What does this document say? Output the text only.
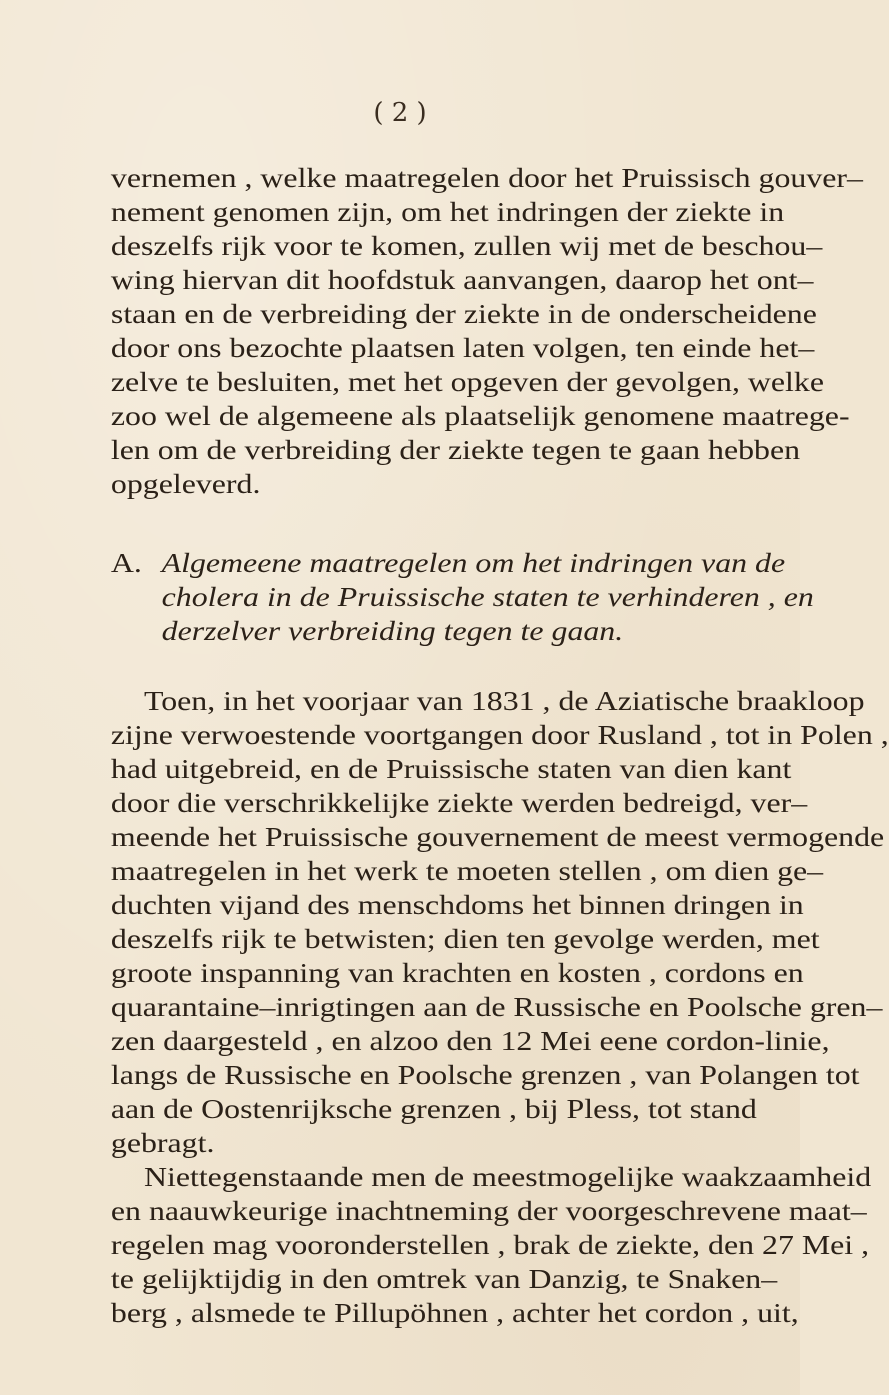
( 2 )

vernemen , welke maatregelen door het Pruissisch gouver–

nement genomen zijn, om het indringen der ziekte in

deszelfs rijk voor te komen, zullen wij met de beschou–

wing hiervan dit hoofdstuk aanvangen, daarop het ont–

staan en de verbreiding der ziekte in de onderscheidene

door ons bezochte plaatsen laten volgen, ten einde het–

zelve te besluiten, met het opgeven der gevolgen, welke

zoo wel de algemeene als plaatselijk genomene maatrege-

len om de verbreiding der ziekte tegen te gaan hebben

opgeleverd.

A. Algemeene maatregelen om het indringen van de

cholera in de Pruissische staten te verhinderen , en

derzelver verbreiding tegen te gaan.

Toen, in het voorjaar van 1831 , de Aziatische braakloop

zijne verwoestende voortgangen door Rusland , tot in Polen ,

had uitgebreid, en de Pruissische staten van dien kant

door die verschrikkelijke ziekte werden bedreigd, ver–

meende het Pruissische gouvernement de meest vermogende

maatregelen in het werk te moeten stellen , om dien ge–

duchten vijand des menschdoms het binnen dringen in

deszelfs rijk te betwisten; dien ten gevolge werden, met

groote inspanning van krachten en kosten , cordons en

quarantaine–inrigtingen aan de Russische en Poolsche gren–

zen daargesteld , en alzoo den 12 Mei eene cordon-linie,

langs de Russische en Poolsche grenzen , van Polangen tot

aan de Oostenrijksche grenzen , bij Pless, tot stand

gebragt.

Niettegenstaande men de meestmogelijke waakzaamheid

en naauwkeurige inachtneming der voorgeschrevene maat–

regelen mag vooronderstellen , brak de ziekte, den 27 Mei ,

te gelijktijdig in den omtrek van Danzig, te Snaken–

berg , alsmede te Pillupöhnen , achter het cordon , uit,
